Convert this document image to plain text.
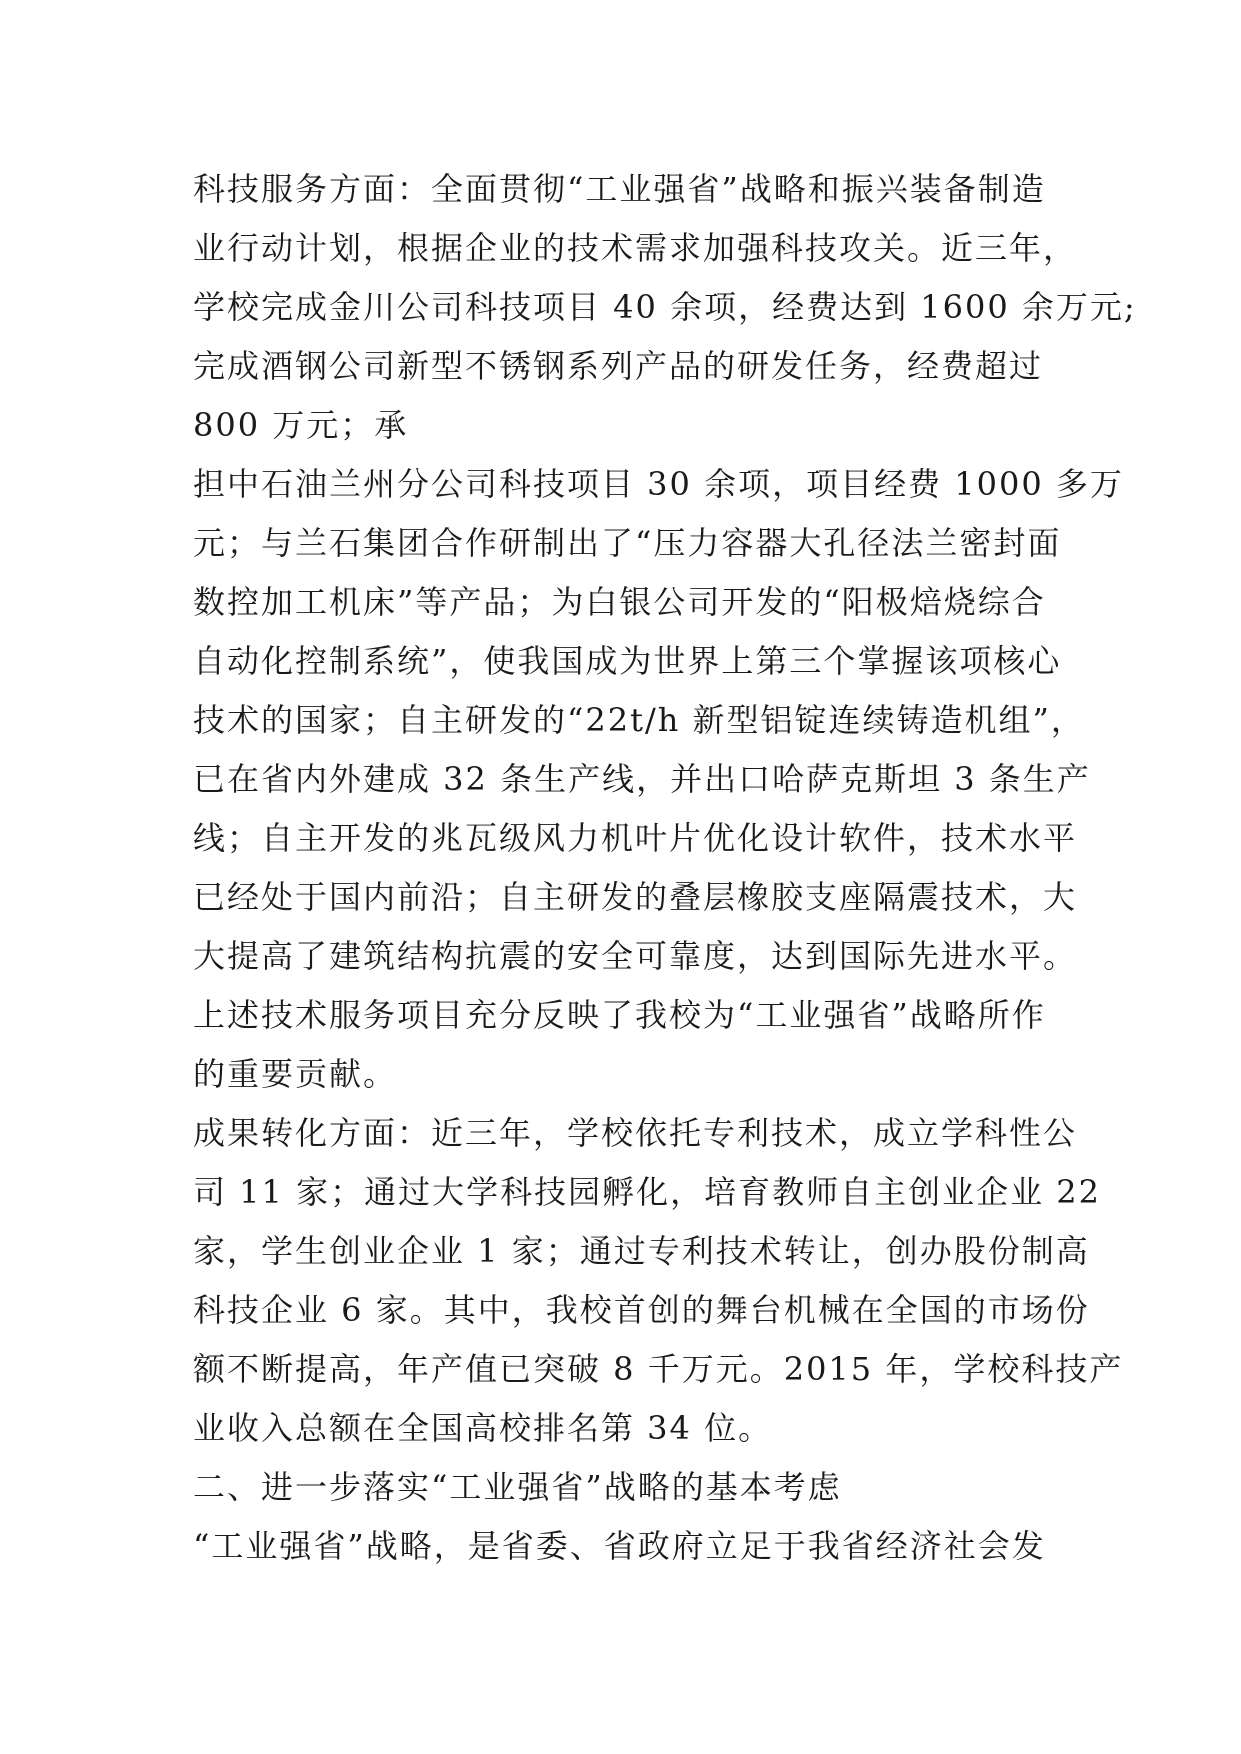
科技服务方面：全面贯彻“工业强省”战略和振兴装备制造
业行动计划，根据企业的技术需求加强科技攻关。近三年，
学校完成金川公司科技项目 40 余项，经费达到 1600 余万元;
完成酒钢公司新型不锈钢系列产品的研发任务，经费超过
800 万元；承
担中石油兰州分公司科技项目 30 余项，项目经费 1000 多万
元；与兰石集团合作研制出了“压力容器大孔径法兰密封面
数控加工机床”等产品；为白银公司开发的“阳极焙烧综合
自动化控制系统”，使我国成为世界上第三个掌握该项核心
技术的国家；自主研发的“22t/h 新型铝锭连续铸造机组”，
已在省内外建成 32 条生产线，并出口哈萨克斯坦 3 条生产
线；自主开发的兆瓦级风力机叶片优化设计软件，技术水平
已经处于国内前沿；自主研发的叠层橡胶支座隔震技术，大
大提高了建筑结构抗震的安全可靠度，达到国际先进水平。
上述技术服务项目充分反映了我校为“工业强省”战略所作
的重要贡献。
成果转化方面：近三年，学校依托专利技术，成立学科性公
司 11 家；通过大学科技园孵化，培育教师自主创业企业 22
家，学生创业企业 1 家；通过专利技术转让，创办股份制高
科技企业 6 家。其中，我校首创的舞台机械在全国的市场份
额不断提高，年产值已突破 8 千万元。2015 年，学校科技产
业收入总额在全国高校排名第 34 位。
二、进一步落实“工业强省”战略的基本考虑
“工业强省”战略，是省委、省政府立足于我省经济社会发
